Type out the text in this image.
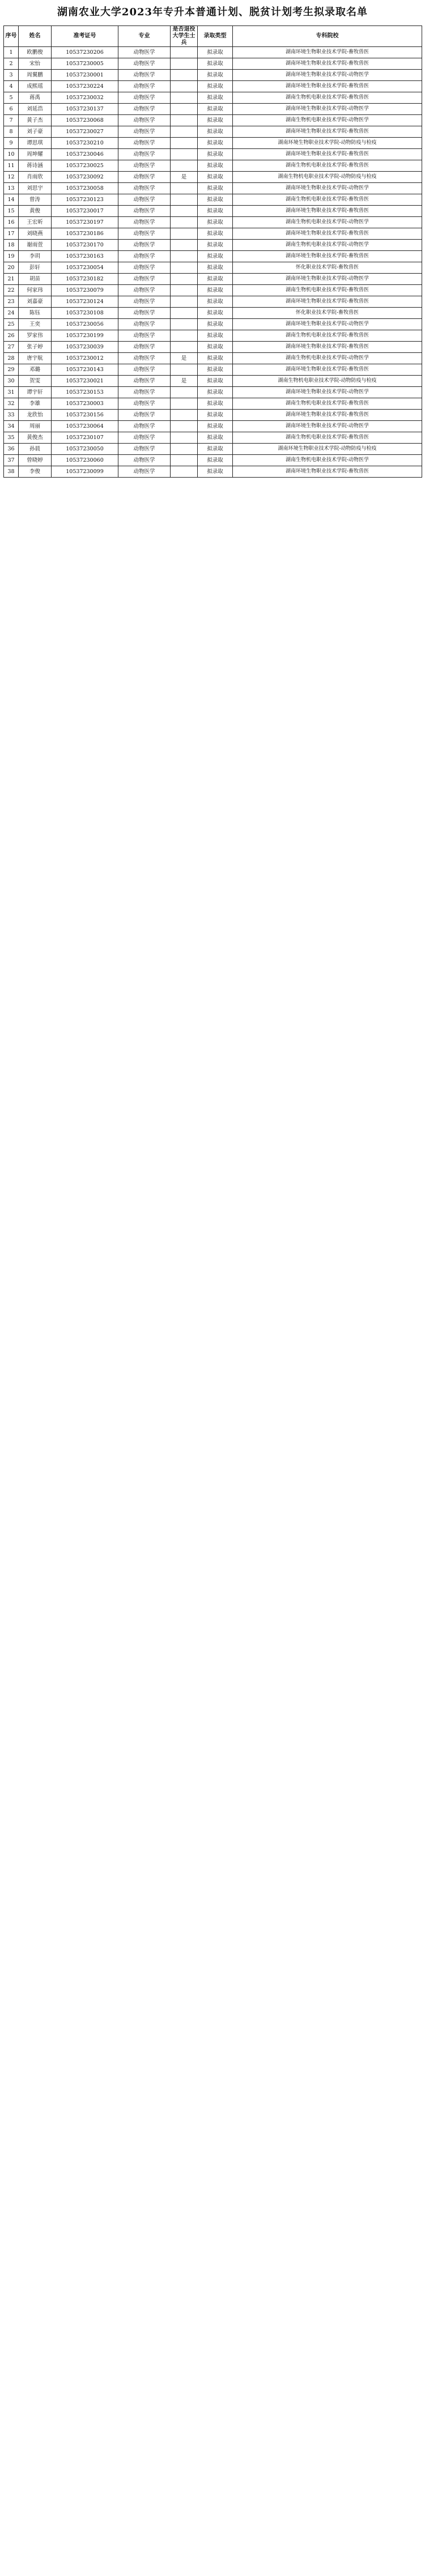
湖南农业大学2023年专升本普通计划、脱贫计划考生拟录取名单
序号	姓名	准考证号	专业	是否退役大学生士兵	录取类型	专科院校
1	欧鹏俊	10537230206	动物医学		拟录取	湖南环境生物职业技术学院-畜牧兽医
2	宋怡	10537230005	动物医学		拟录取	湖南环境生物职业技术学院-畜牧兽医
3	周翼鹏	10537230001	动物医学		拟录取	湖南环境生物职业技术学院-动物医学
4	成熙瑶	10537230224	动物医学		拟录取	湖南环境生物职业技术学院-畜牧兽医
5	蒋禹	10537230032	动物医学		拟录取	湖南生物机电职业技术学院-畜牧兽医
6	刘延浩	10537230137	动物医学		拟录取	湖南环境生物职业技术学院-动物医学
7	黄子杰	10537230068	动物医学		拟录取	湖南生物机电职业技术学院-动物医学
8	刘子豪	10537230027	动物医学		拟录取	湖南环境生物职业技术学院-畜牧兽医
9	谭思琪	10537230210	动物医学		拟录取	湖南环境生物职业技术学院-动物防疫与检疫
10	周坤耀	10537230046	动物医学		拟录取	湖南环境生物职业技术学院-畜牧兽医
11	蒋诗涵	10537230025	动物医学		拟录取	湖南生物机电职业技术学院-畜牧兽医
12	肖雨欣	10537230092	动物医学	是	拟录取	湖南生物机电职业技术学院-动物防疫与检疫
13	刘思宇	10537230058	动物医学		拟录取	湖南环境生物职业技术学院-动物医学
14	曾涛	10537230123	动物医学		拟录取	湖南生物机电职业技术学院-畜牧兽医
15	黄俊	10537230017	动物医学		拟录取	湖南环境生物职业技术学院-畜牧兽医
16	王宏昕	10537230197	动物医学		拟录取	湖南生物机电职业技术学院-动物医学
17	刘晓燕	10537230186	动物医学		拟录取	湖南环境生物职业技术学院-畜牧兽医
18	谢雨萱	10537230170	动物医学		拟录取	湖南生物机电职业技术学院-动物医学
19	李玥	10537230163	动物医学		拟录取	湖南环境生物职业技术学院-畜牧兽医
20	彭轩	10537230054	动物医学		拟录取	怀化职业技术学院-畜牧兽医
21	胡苗	10537230182	动物医学		拟录取	湖南环境生物职业技术学院-动物医学
22	何家玮	10537230079	动物医学		拟录取	湖南生物机电职业技术学院-畜牧兽医
23	刘嘉豪	10537230124	动物医学		拟录取	湖南环境生物职业技术学院-畜牧兽医
24	陈钰	10537230108	动物医学		拟录取	怀化职业技术学院-畜牧兽医
25	王奕	10537230056	动物医学		拟录取	湖南环境生物职业技术学院-动物医学
26	罗家伟	10537230199	动物医学		拟录取	湖南生物机电职业技术学院-畜牧兽医
27	张子婷	10537230039	动物医学		拟录取	湖南环境生物职业技术学院-畜牧兽医
28	唐宇航	10537230012	动物医学	是	拟录取	湖南生物机电职业技术学院-动物医学
29	邓璐	10537230143	动物医学		拟录取	湖南环境生物职业技术学院-畜牧兽医
30	贺雯	10537230021	动物医学	是	拟录取	湖南生物机电职业技术学院-动物防疫与检疫
31	谭宇轩	10537230153	动物医学		拟录取	湖南环境生物职业技术学院-动物医学
32	李雄	10537230003	动物医学		拟录取	湖南生物机电职业技术学院-畜牧兽医
33	龙欣怡	10537230156	动物医学		拟录取	湖南环境生物职业技术学院-畜牧兽医
34	周丽	10537230064	动物医学		拟录取	湖南环境生物职业技术学院-动物医学
35	黄俊杰	10537230107	动物医学		拟录取	湖南生物机电职业技术学院-畜牧兽医
36	孙晨	10537230050	动物医学		拟录取	湖南环境生物职业技术学院-动物防疫与检疫
37	曾晓婷	10537230060	动物医学		拟录取	湖南生物机电职业技术学院-动物医学
38	李俊	10537230099	动物医学		拟录取	湖南环境生物职业技术学院-畜牧兽医
